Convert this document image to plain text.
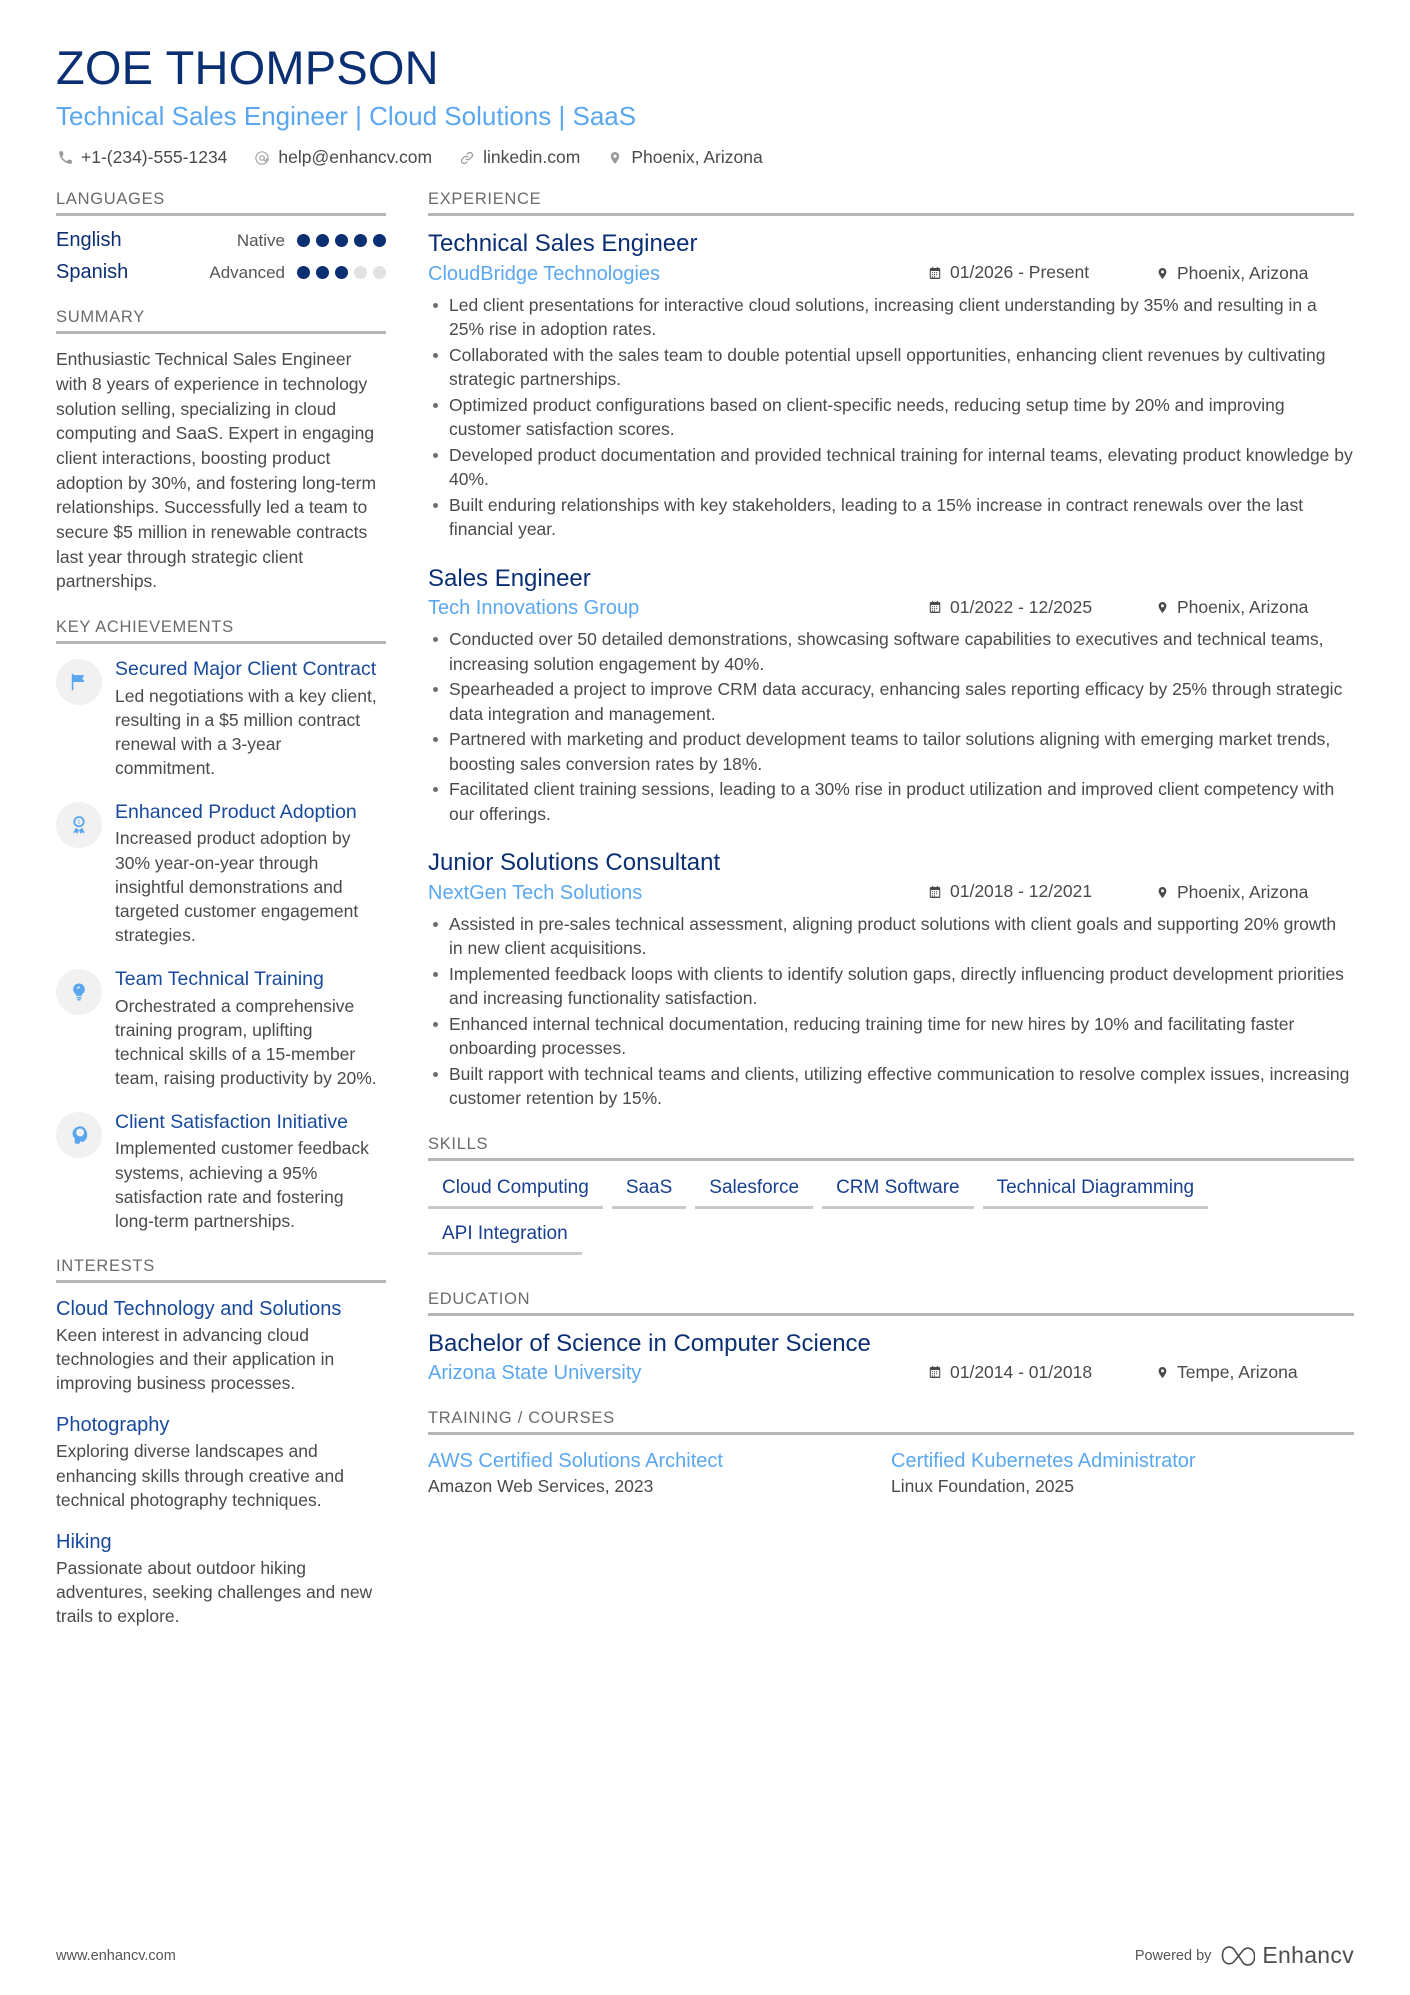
ZOE THOMPSON
Technical Sales Engineer | Cloud Solutions | SaaS
+1-(234)-555-1234	help@enhancv.com	linkedin.com	Phoenix, Arizona
LANGUAGES
English	Native
Spanish	Advanced
SUMMARY
Enthusiastic Technical Sales Engineer with 8 years of experience in technology solution selling, specializing in cloud computing and SaaS. Expert in engaging client interactions, boosting product adoption by 30%, and fostering long-term relationships. Successfully led a team to secure $5 million in renewable contracts last year through strategic client partnerships.
KEY ACHIEVEMENTS
Secured Major Client Contract
Led negotiations with a key client, resulting in a $5 million contract renewal with a 3-year commitment.
1 Enhanced Product Adoption
Increased product adoption by 30% year-on-year through insightful demonstrations and targeted customer engagement strategies.
Team Technical Training
Orchestrated a comprehensive training program, uplifting technical skills of a 15-member team, raising productivity by 20%.
Client Satisfaction Initiative
Implemented customer feedback systems, achieving a 95% satisfaction rate and fostering long-term partnerships.
INTERESTS
Cloud Technology and Solutions
Keen interest in advancing cloud technologies and their application in improving business processes.
Photography
Exploring diverse landscapes and enhancing skills through creative and technical photography techniques.
Hiking
Passionate about outdoor hiking adventures, seeking challenges and new trails to explore.
EXPERIENCE
Technical Sales Engineer
CloudBridge Technologies	01/2026 - Present	Phoenix, Arizona
Led client presentations for interactive cloud solutions, increasing client understanding by 35% and resulting in a 25% rise in adoption rates.
Collaborated with the sales team to double potential upsell opportunities, enhancing client revenues by cultivating strategic partnerships.
Optimized product configurations based on client-specific needs, reducing setup time by 20% and improving customer satisfaction scores.
Developed product documentation and provided technical training for internal teams, elevating product knowledge by 40%.
Built enduring relationships with key stakeholders, leading to a 15% increase in contract renewals over the last financial year.
Sales Engineer
Tech Innovations Group	01/2022 - 12/2025	Phoenix, Arizona
Conducted over 50 detailed demonstrations, showcasing software capabilities to executives and technical teams, increasing solution engagement by 40%.
Spearheaded a project to improve CRM data accuracy, enhancing sales reporting efficacy by 25% through strategic data integration and management.
Partnered with marketing and product development teams to tailor solutions aligning with emerging market trends, boosting sales conversion rates by 18%.
Facilitated client training sessions, leading to a 30% rise in product utilization and improved client competency with our offerings.
Junior Solutions Consultant
NextGen Tech Solutions	01/2018 - 12/2021	Phoenix, Arizona
Assisted in pre-sales technical assessment, aligning product solutions with client goals and supporting 20% growth in new client acquisitions.
Implemented feedback loops with clients to identify solution gaps, directly influencing product development priorities and increasing functionality satisfaction.
Enhanced internal technical documentation, reducing training time for new hires by 10% and facilitating faster onboarding processes.
Built rapport with technical teams and clients, utilizing effective communication to resolve complex issues, increasing customer retention by 15%.
SKILLS
Cloud Computing	SaaS	Salesforce	CRM Software	Technical Diagramming
API Integration
EDUCATION
Bachelor of Science in Computer Science
Arizona State University	01/2014 - 01/2018	Tempe, Arizona
TRAINING / COURSES
AWS Certified Solutions Architect
Amazon Web Services, 2023
Certified Kubernetes Administrator
Linux Foundation, 2025
www.enhancv.com	Powered by Enhancv
